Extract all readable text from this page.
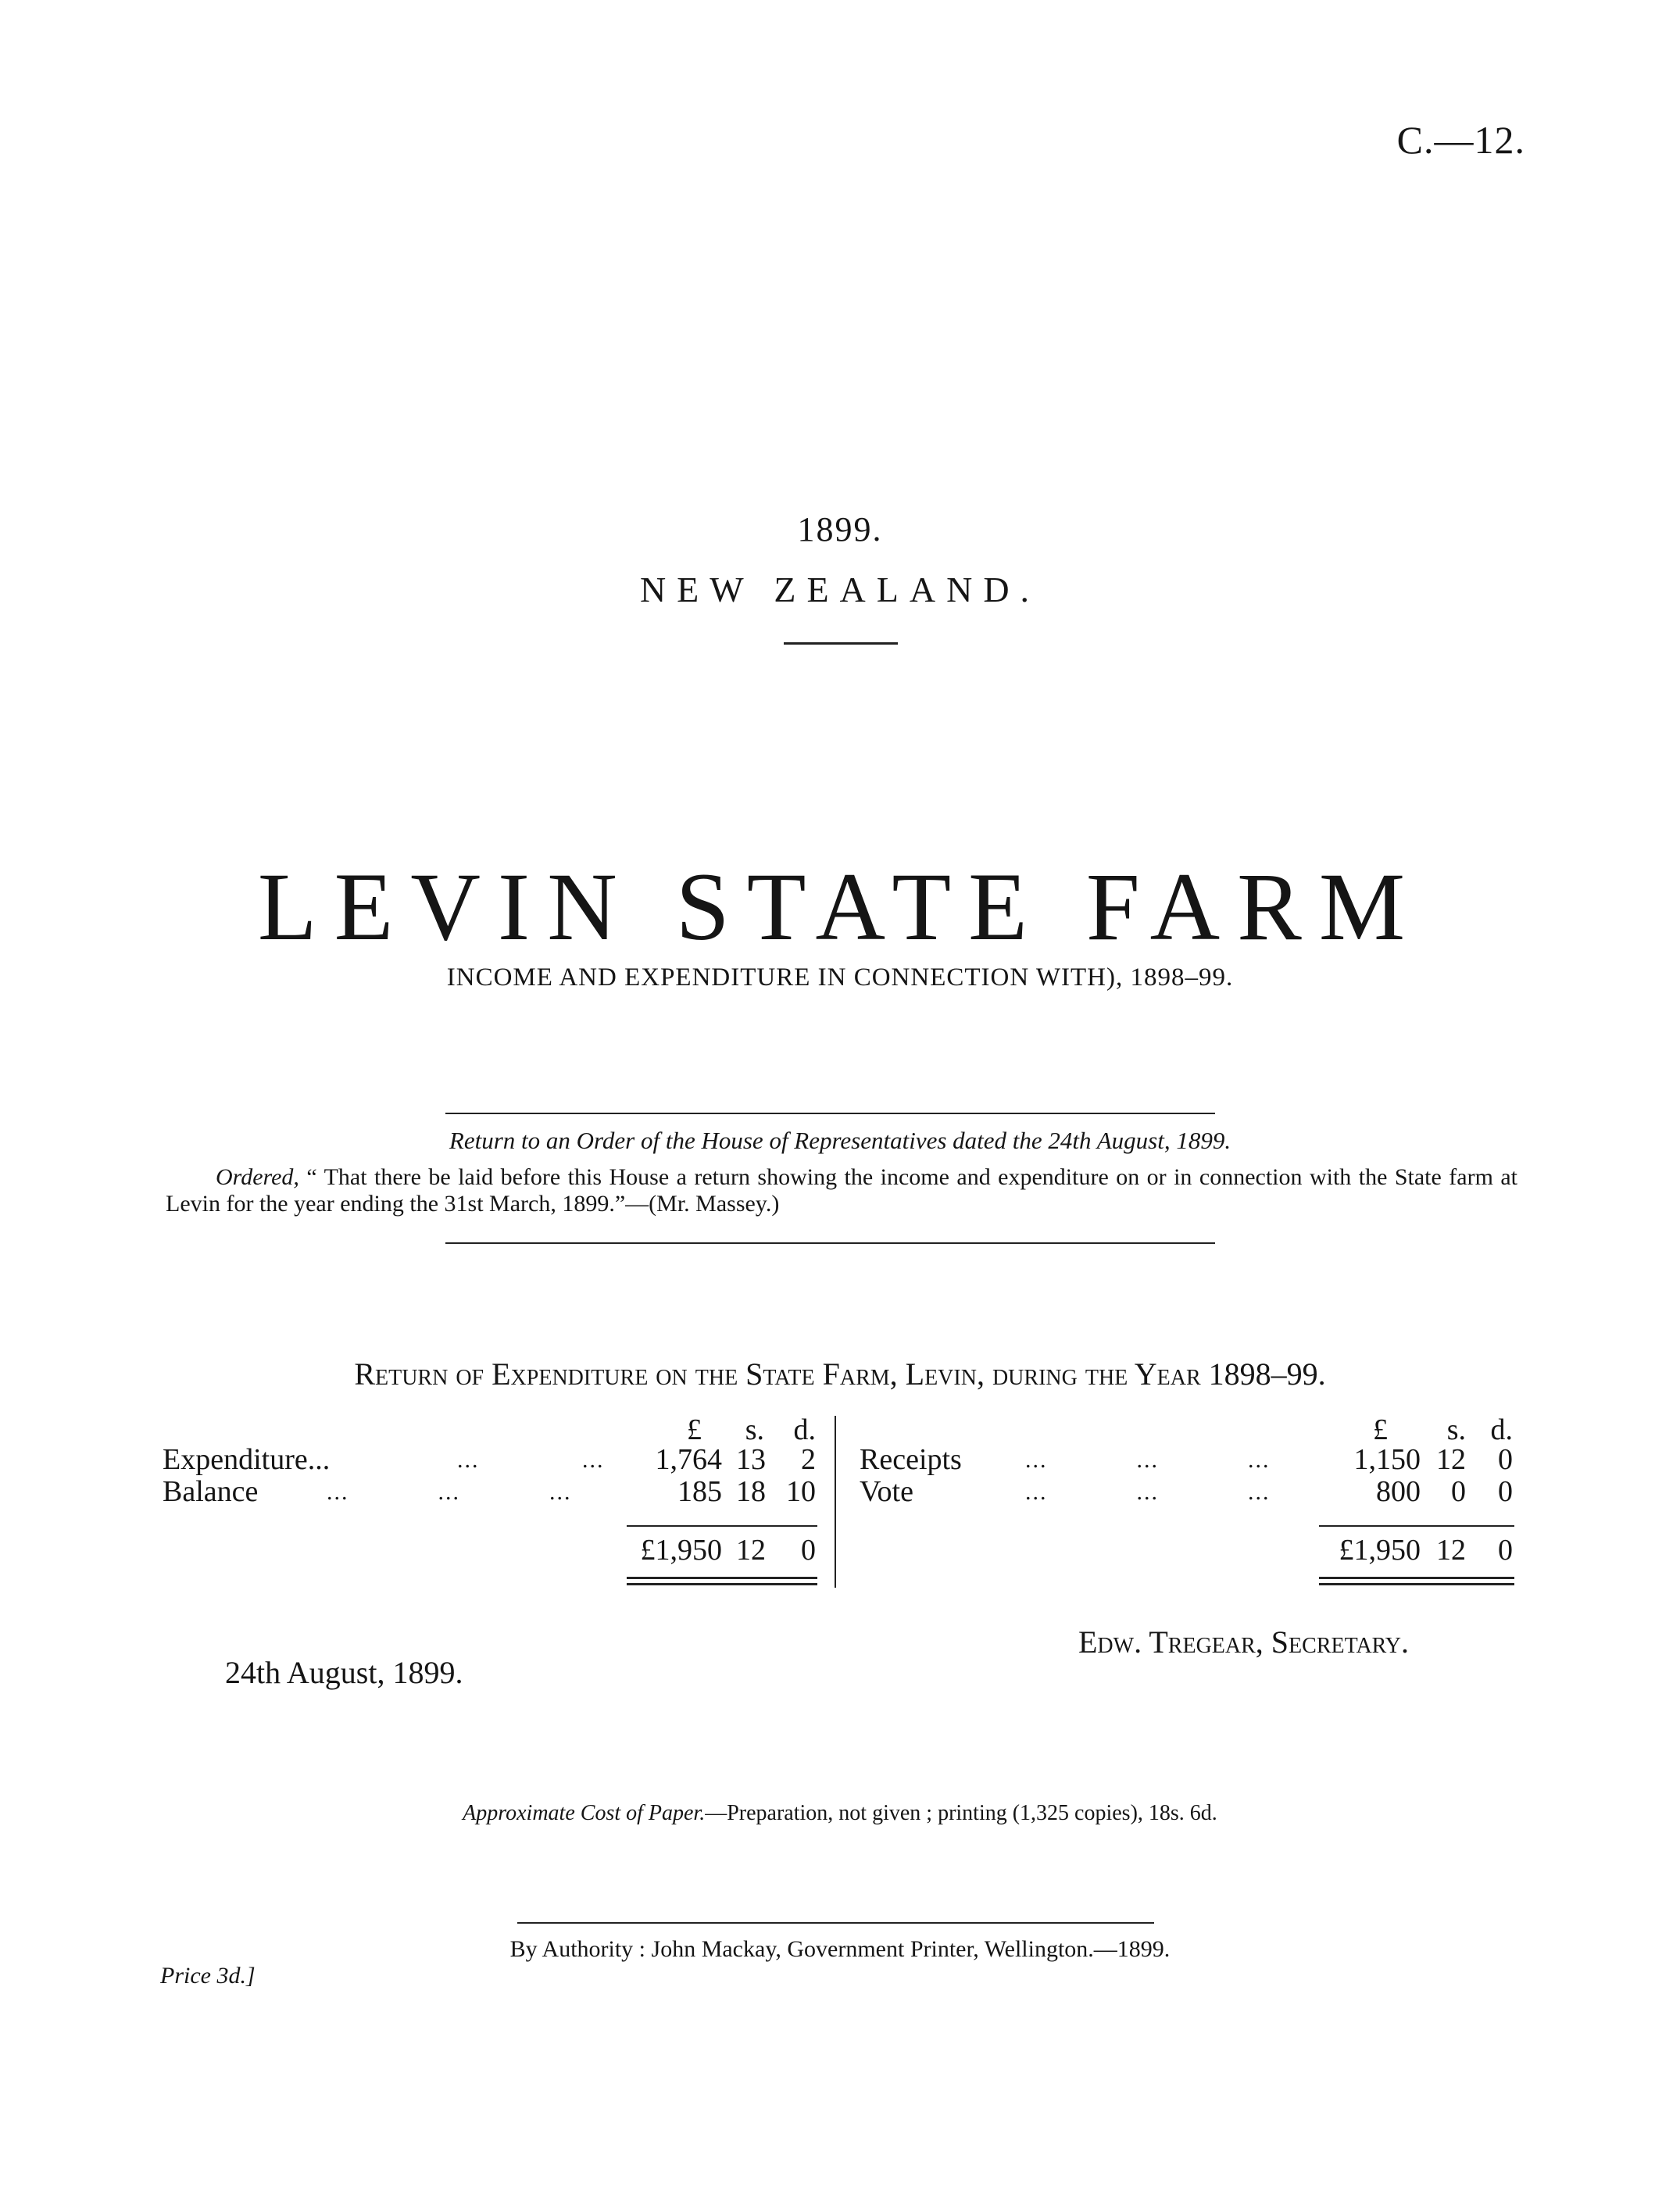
C.—12.
1899.
NEW ZEALAND.
LEVIN STATE FARM
INCOME AND EXPENDITURE IN CONNECTION WITH), 1898–99.
Return to an Order of the House of Representatives dated the 24th August, 1899.
Ordered, “ That there be laid before this House a return showing the income and expenditure on or in connection with the State farm at Levin for the year ending the 31st March, 1899.”—(Mr. Massey.)
Return of Expenditure on the State Farm, Levin, during the Year 1898–99.
£	s. d.
Expenditure...	...	...	1,764 13	2
Balance	...            ...            ...	185 18 10
£1,950 12	0
£	s. d.
Receipts	...            ...            ...	1,150 12	0
Vote	...            ...            ...	800	0	0
£1,950 12	0
Edw. Tregear, Secretary.
24th August, 1899.
Approximate Cost of Paper.—Preparation, not given ; printing (1,325 copies), 18s. 6d.
By Authority : John Mackay, Government Printer, Wellington.—1899.
Price 3d.]
